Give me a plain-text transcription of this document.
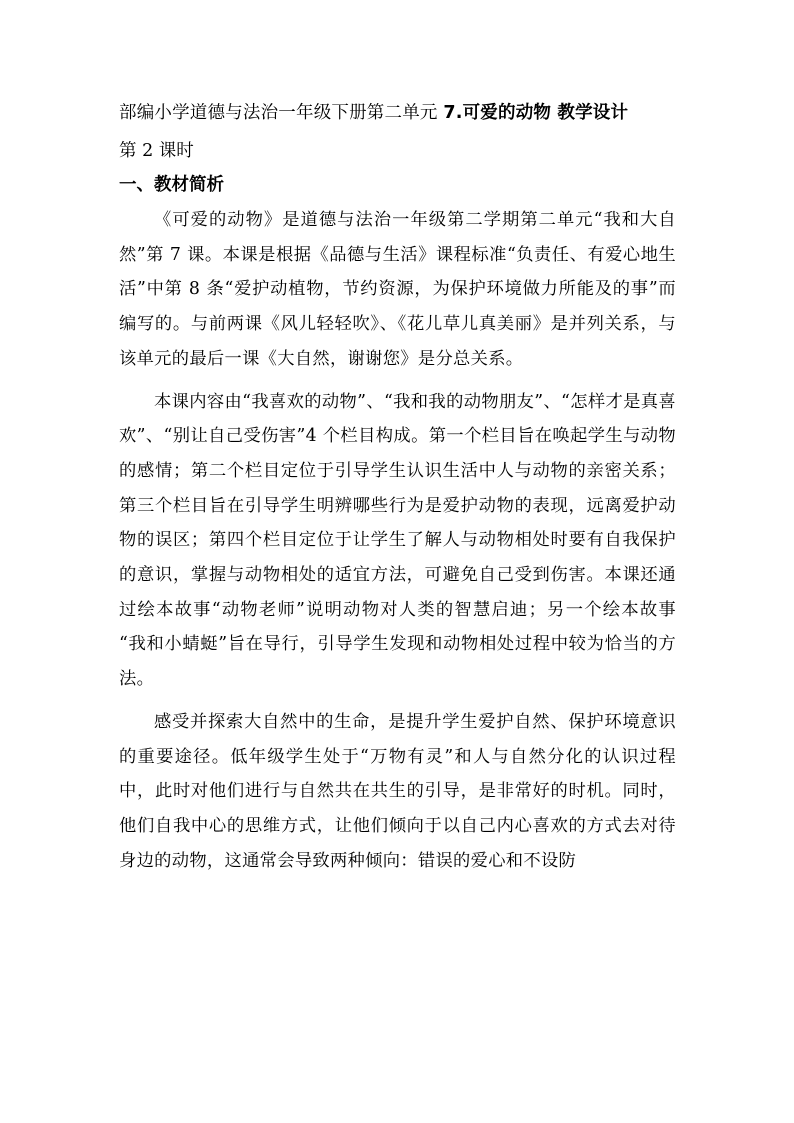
部编小学道德与法治一年级下册第二单元 7.可爱的动物 教学设计

第 2 课时

一、教材简析

《可爱的动物》是道德与法治一年级第二学期第二单元“我和大自然”第 7 课。本课是根据《品德与生活》课程标准“负责任、有爱心地生活”中第 8 条“爱护动植物，节约资源，为保护环境做力所能及的事”而编写的。与前两课《风儿轻轻吹》、《花儿草儿真美丽》是并列关系，与该单元的最后一课《大自然，谢谢您》是分总关系。

本课内容由“我喜欢的动物”、“我和我的动物朋友”、“怎样才是真喜欢”、“别让自己受伤害”4 个栏目构成。第一个栏目旨在唤起学生与动物的感情；第二个栏目定位于引导学生认识生活中人与动物的亲密关系；第三个栏目旨在引导学生明辨哪些行为是爱护动物的表现，远离爱护动物的误区；第四个栏目定位于让学生了解人与动物相处时要有自我保护的意识，掌握与动物相处的适宜方法，可避免自己受到伤害。本课还通过绘本故事“动物老师”说明动物对人类的智慧启迪；另一个绘本故事 “我和小蜻蜓”旨在导行，引导学生发现和动物相处过程中较为恰当的方法。

感受并探索大自然中的生命，是提升学生爱护自然、保护环境意识的重要途径。低年级学生处于“万物有灵”和人与自然分化的认识过程中，此时对他们进行与自然共在共生的引导，是非常好的时机。同时，他们自我中心的思维方式，让他们倾向于以自己内心喜欢的方式去对待身边的动物，这通常会导致两种倾向：错误的爱心和不设防
